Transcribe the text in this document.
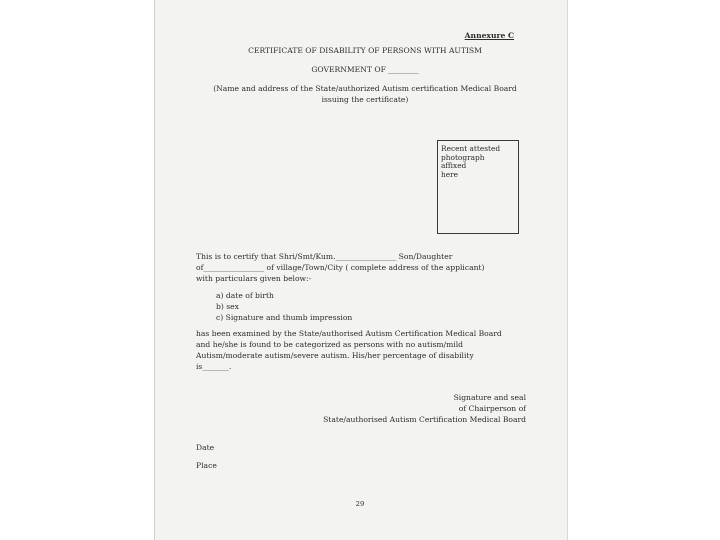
Annexure C
CERTIFICATE OF DISABILITY OF PERSONS WITH AUTISM
GOVERNMENT OF ________
(Name and address of the State/authorized Autism certification Medical Board
issuing the certificate)
Recent attested
photograph
affixed
here
This is to certify that Shri/Smt/Kum.________________ Son/Daughter
of________________ of village/Town/City ( complete address of the applicant)
with particulars given below:-
a) date of birth
b) sex
c) Signature and thumb impression
has been examined by the State/authorised Autism Certification Medical Board
and he/she is found to be categorized as persons with no autism/mild
Autism/moderate autism/severe autism. His/her percentage of disability
is_______.
Signature and seal
of Chairperson of
State/authorised Autism Certification Medical Board
Date
Place
29
